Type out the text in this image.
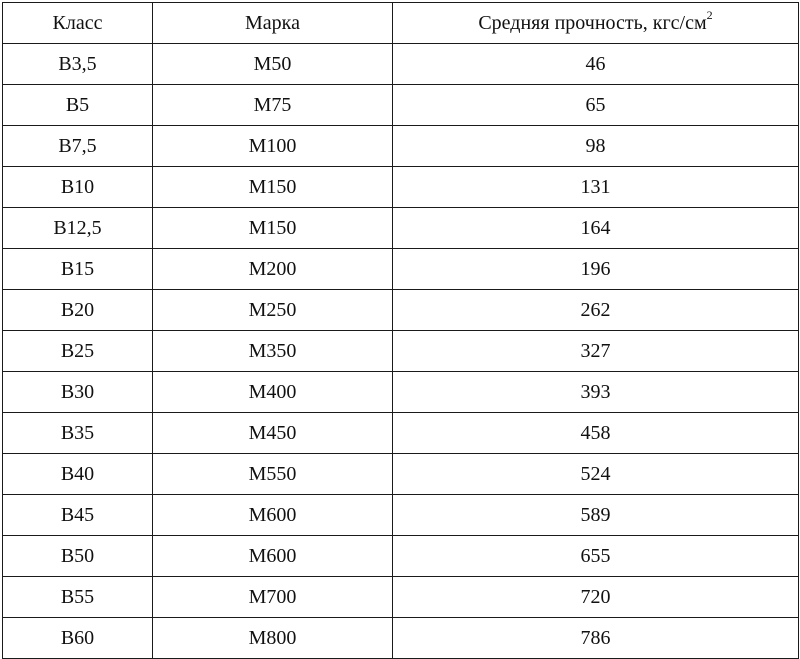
Класс	Марка	Средняя прочность, кгс/$см^2$
В3,5	М50	46
В5	М75	65
В7,5	М100	98
В10	М150	131
В12,5	М150	164
В15	М200	196
В20	М250	262
В25	М350	327
В30	М400	393
В35	М450	458
В40	М550	524
В45	М600	589
В50	М600	655
В55	М700	720
В60	М800	786
